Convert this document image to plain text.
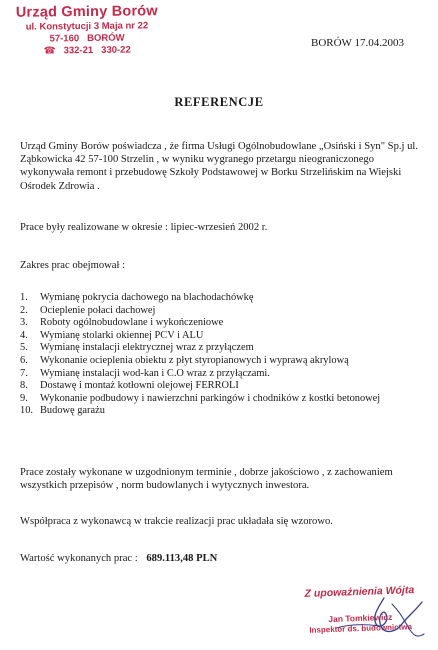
Urząd Gminy Borów
ul. Konstytucji 3 Maja nr 22
57-160 BORÓW
☎ 332-21 330-22
BORÓW 17.04.2003
REFERENCJE
Urząd Gminy Borów poświadcza , że firma Usługi Ogólnobudowlane „Osiński i Syn" Sp.j ul. Ząbkowicka 42 57-100 Strzelin , w wyniku wygranego przetargu nieograniczonego wykonywała remont i przebudowę Szkoły Podstawowej w Borku Strzelińskim na Wiejski Ośrodek Zdrowia .
Prace były realizowane w okresie : lipiec-wrzesień 2002 r.
Zakres prac obejmował :
1.	Wymianę pokrycia dachowego na blachodachówkę
2.	Ocieplenie połaci dachowej
3.	Roboty ogólnobudowlane i wykończeniowe
4.	Wymianę stolarki okiennej PCV i ALU
5.	Wymianę instalacji elektrycznej wraz z przyłączem
6.	Wykonanie ocieplenia obiektu z płyt styropianowych i wyprawą akrylową
7.	Wymianę instalacji wod-kan i C.O wraz z przyłączami.
8.	Dostawę i montaż kotłowni olejowej FERROLI
9.	Wykonanie podbudowy i nawierzchni parkingów i chodników z kostki betonowej
10. Budowę garażu
Prace zostały wykonane w uzgodnionym terminie , dobrze jakościowo , z zachowaniem wszystkich przepisów , norm budowlanych i wytycznych inwestora.
Współpraca z wykonawcą w trakcie realizacji prac układała się wzorowo.
Wartość wykonanych prac : 689.113,48 PLN
Z upoważnienia Wójta
Jan Tomkiewicz
Inspektor ds. budownictwa
